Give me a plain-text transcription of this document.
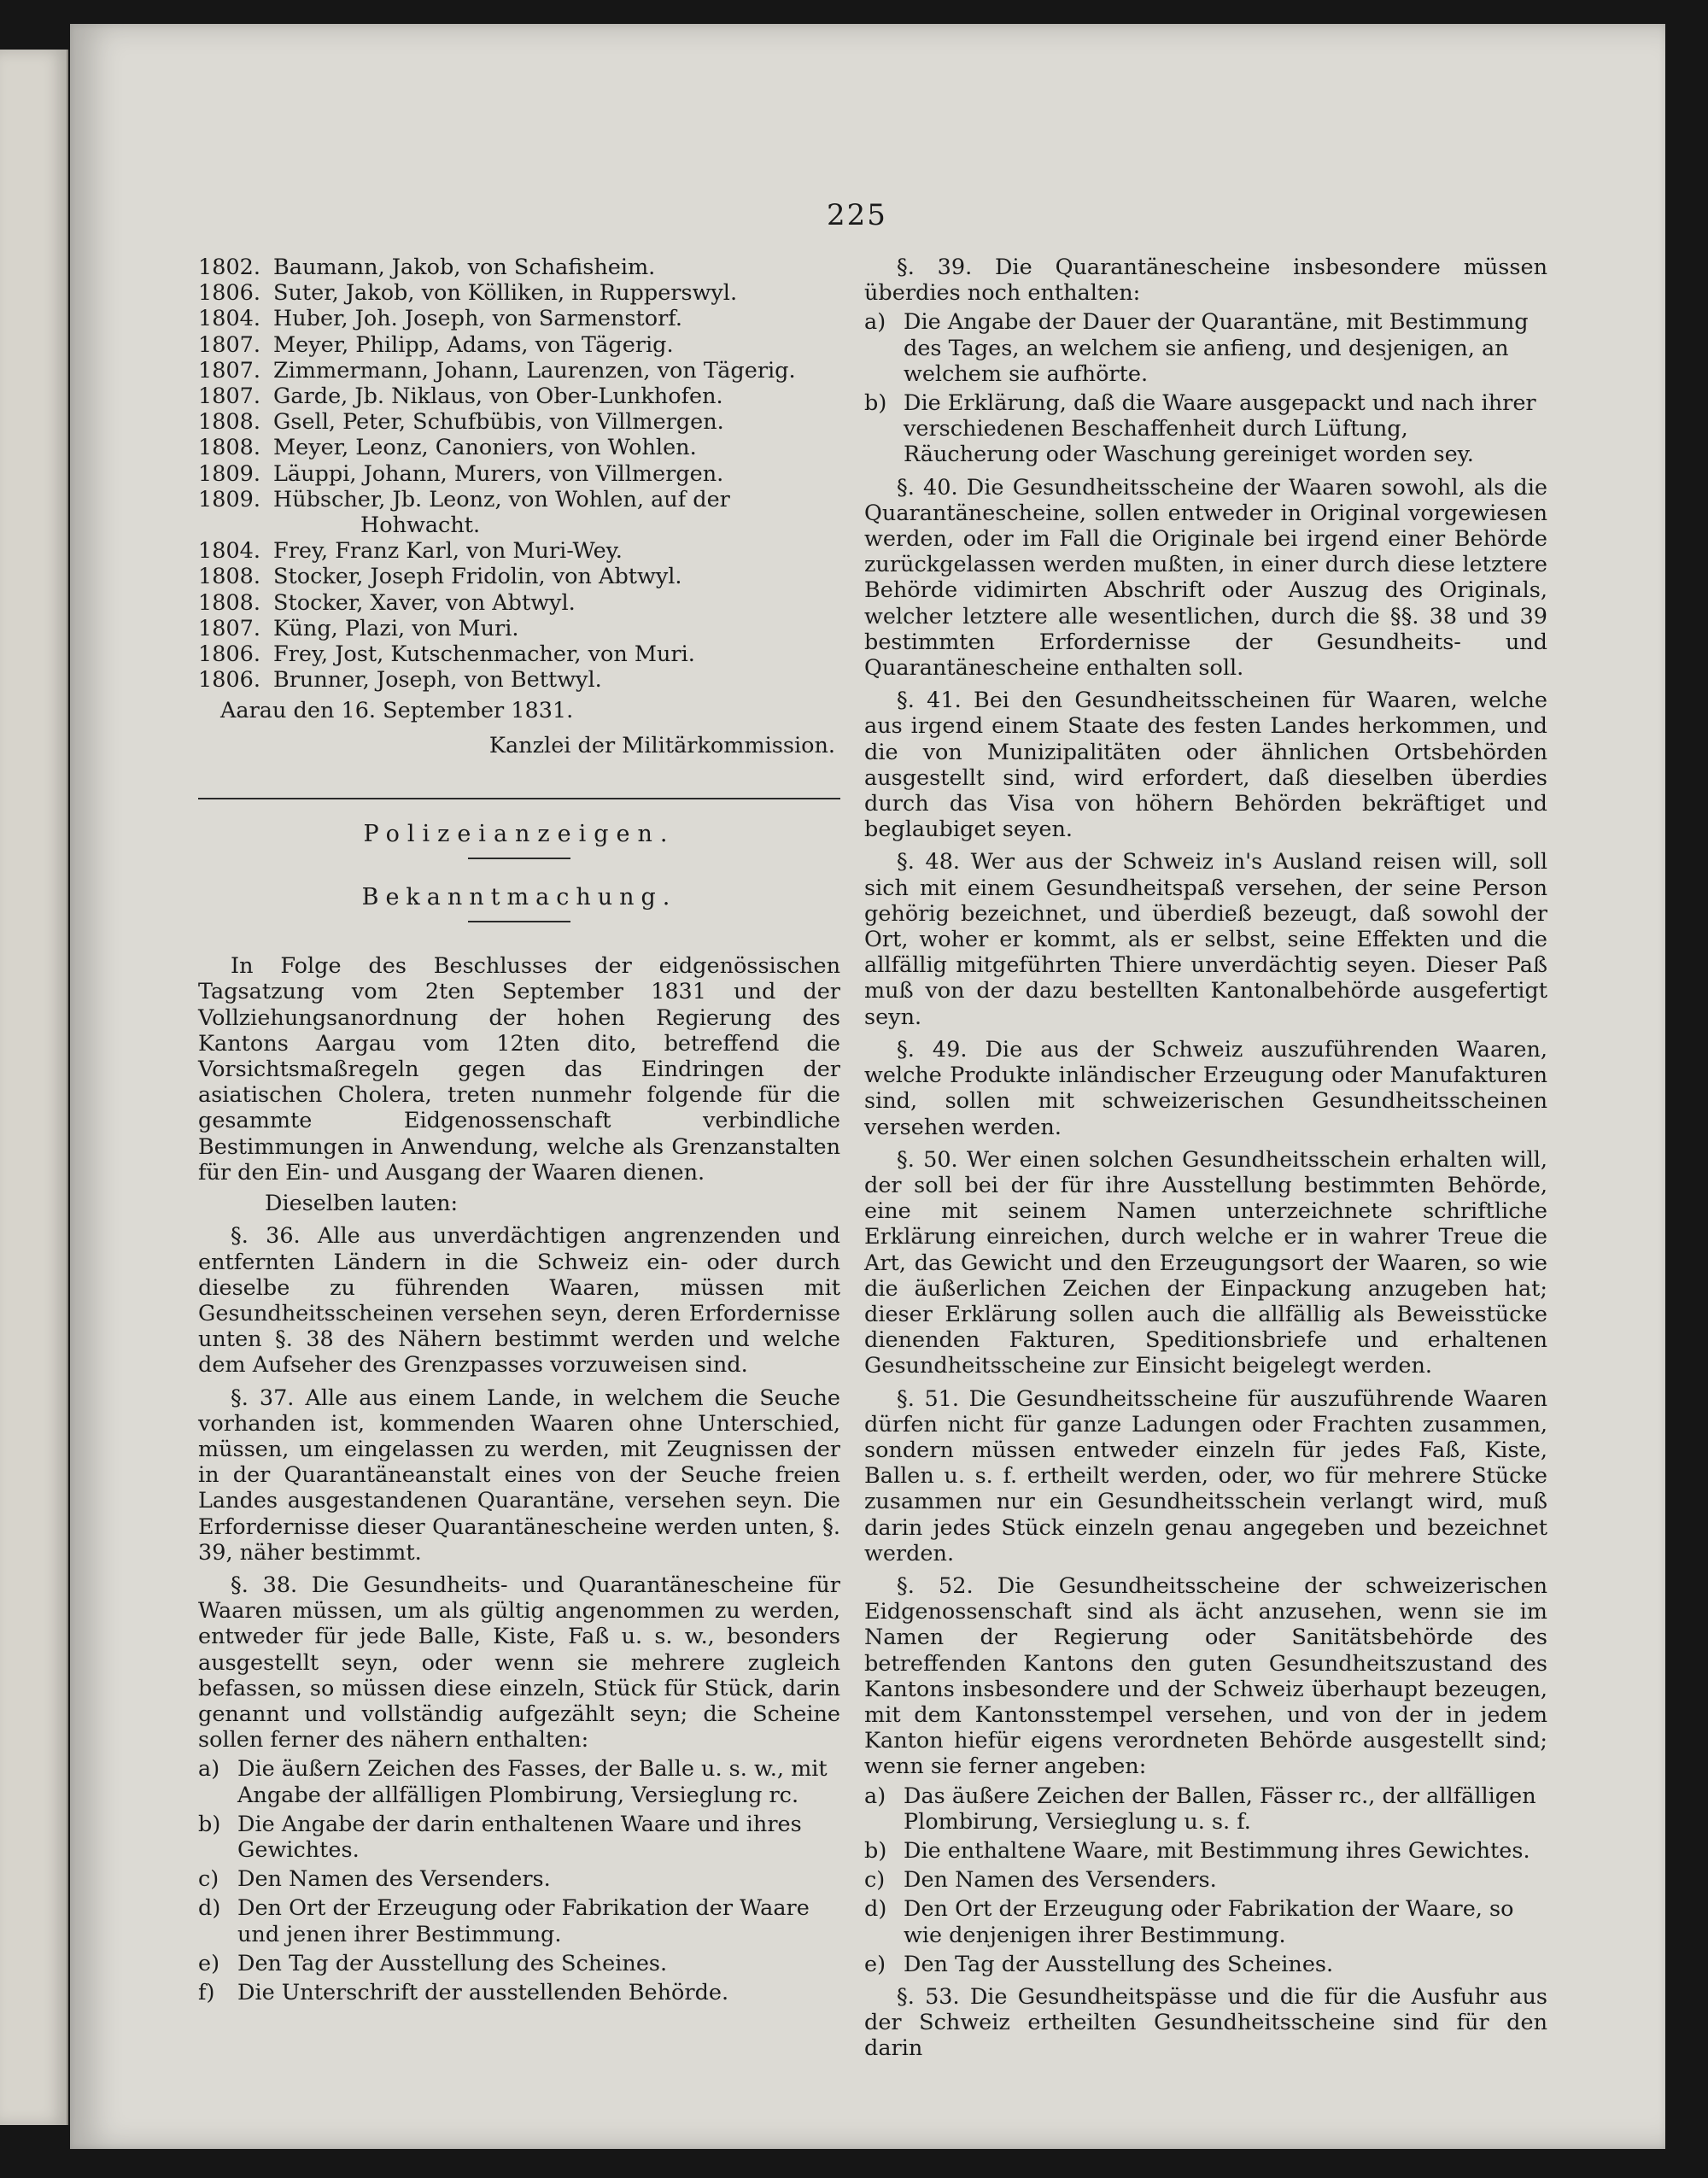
225
1802. Baumann, Jakob, von Schafisheim.
1806. Suter, Jakob, von Kölliken, in Rupperswyl.
1804. Huber, Joh. Joseph, von Sarmenstorf.
1807. Meyer, Philipp, Adams, von Tägerig.
1807. Zimmermann, Johann, Laurenzen, von Tägerig.
1807. Garde, Jb. Niklaus, von Ober-Lunkhofen.
1808. Gsell, Peter, Schufbübis, von Villmergen.
1808. Meyer, Leonz, Canoniers, von Wohlen.
1809. Läuppi, Johann, Murers, von Villmergen.
1809. Hübscher, Jb. Leonz, von Wohlen, auf der
Hohwacht.
1804. Frey, Franz Karl, von Muri-Wey.
1808. Stocker, Joseph Fridolin, von Abtwyl.
1808. Stocker, Xaver, von Abtwyl.
1807. Küng, Plazi, von Muri.
1806. Frey, Jost, Kutschenmacher, von Muri.
1806. Brunner, Joseph, von Bettwyl.
Aarau den 16. September 1831.
Kanzlei der Militärkommission.
Polizeianzeigen.
Bekanntmachung.
In Folge des Beschlusses der eidgenössischen Tagsatzung vom 2ten September 1831 und der Vollziehungsanordnung der hohen Regierung des Kantons Aargau vom 12ten dito, betreffend die Vorsichtsmaßregeln gegen das Eindringen der asiatischen Cholera, treten nunmehr folgende für die gesammte Eidgenossenschaft verbindliche Bestimmungen in Anwendung, welche als Grenzanstalten für den Ein- und Ausgang der Waaren dienen.
Dieselben lauten:
§. 36. Alle aus unverdächtigen angrenzenden und entfernten Ländern in die Schweiz ein- oder durch dieselbe zu führenden Waaren, müssen mit Gesundheitsscheinen versehen seyn, deren Erfordernisse unten §. 38 des Nähern bestimmt werden und welche dem Aufseher des Grenzpasses vorzuweisen sind.
§. 37. Alle aus einem Lande, in welchem die Seuche vorhanden ist, kommenden Waaren ohne Unterschied, müssen, um eingelassen zu werden, mit Zeugnissen der in der Quarantäneanstalt eines von der Seuche freien Landes ausgestandenen Quarantäne, versehen seyn. Die Erfordernisse dieser Quarantänescheine werden unten, §. 39, näher bestimmt.
§. 38. Die Gesundheits- und Quarantänescheine für Waaren müssen, um als gültig angenommen zu werden, entweder für jede Balle, Kiste, Faß u. s. w., besonders ausgestellt seyn, oder wenn sie mehrere zugleich befassen, so müssen diese einzeln, Stück für Stück, darin genannt und vollständig aufgezählt seyn; die Scheine sollen ferner des nähern enthalten:
a) Die äußern Zeichen des Fasses, der Balle u. s. w., mit Angabe der allfälligen Plombirung, Versieglung rc.
b) Die Angabe der darin enthaltenen Waare und ihres Gewichtes.
c) Den Namen des Versenders.
d) Den Ort der Erzeugung oder Fabrikation der Waare und jenen ihrer Bestimmung.
e) Den Tag der Ausstellung des Scheines.
f)	Die Unterschrift der ausstellenden Behörde.
§. 39. Die Quarantänescheine insbesondere müssen überdies noch enthalten:
a) Die Angabe der Dauer der Quarantäne, mit Bestimmung des Tages, an welchem sie anfieng, und desjenigen, an welchem sie aufhörte.
b) Die Erklärung, daß die Waare ausgepackt und nach ihrer verschiedenen Beschaffenheit durch Lüftung, Räucherung oder Waschung gereiniget worden sey.
§. 40. Die Gesundheitsscheine der Waaren sowohl, als die Quarantänescheine, sollen entweder in Original vorgewiesen werden, oder im Fall die Originale bei irgend einer Behörde zurückgelassen werden mußten, in einer durch diese letztere Behörde vidimirten Abschrift oder Auszug des Originals, welcher letztere alle wesentlichen, durch die §§. 38 und 39 bestimmten Erfordernisse der Gesundheits- und Quarantänescheine enthalten soll.
§. 41. Bei den Gesundheitsscheinen für Waaren, welche aus irgend einem Staate des festen Landes herkommen, und die von Munizipalitäten oder ähnlichen Ortsbehörden ausgestellt sind, wird erfordert, daß dieselben überdies durch das Visa von höhern Behörden bekräftiget und beglaubiget seyen.
§. 48. Wer aus der Schweiz in's Ausland reisen will, soll sich mit einem Gesundheitspaß versehen, der seine Person gehörig bezeichnet, und überdieß bezeugt, daß sowohl der Ort, woher er kommt, als er selbst, seine Effekten und die allfällig mitgeführten Thiere unverdächtig seyen. Dieser Paß muß von der dazu bestellten Kantonalbehörde ausgefertigt seyn.
§. 49. Die aus der Schweiz auszuführenden Waaren, welche Produkte inländischer Erzeugung oder Manufakturen sind, sollen mit schweizerischen Gesundheitsscheinen versehen werden.
§. 50. Wer einen solchen Gesundheitsschein erhalten will, der soll bei der für ihre Ausstellung bestimmten Behörde, eine mit seinem Namen unterzeichnete schriftliche Erklärung einreichen, durch welche er in wahrer Treue die Art, das Gewicht und den Erzeugungsort der Waaren, so wie die äußerlichen Zeichen der Einpackung anzugeben hat; dieser Erklärung sollen auch die allfällig als Beweisstücke dienenden Fakturen, Speditionsbriefe und erhaltenen Gesundheitsscheine zur Einsicht beigelegt werden.
§. 51. Die Gesundheitsscheine für auszuführende Waaren dürfen nicht für ganze Ladungen oder Frachten zusammen, sondern müssen entweder einzeln für jedes Faß, Kiste, Ballen u. s. f. ertheilt werden, oder, wo für mehrere Stücke zusammen nur ein Gesundheitsschein verlangt wird, muß darin jedes Stück einzeln genau angegeben und bezeichnet werden.
§. 52. Die Gesundheitsscheine der schweizerischen Eidgenossenschaft sind als ächt anzusehen, wenn sie im Namen der Regierung oder Sanitätsbehörde des betreffenden Kantons den guten Gesundheitszustand des Kantons insbesondere und der Schweiz überhaupt bezeugen, mit dem Kantonsstempel versehen, und von der in jedem Kanton hiefür eigens verordneten Behörde ausgestellt sind; wenn sie ferner angeben:
a) Das äußere Zeichen der Ballen, Fässer rc., der allfälligen Plombirung, Versieglung u. s. f.
b) Die enthaltene Waare, mit Bestimmung ihres Gewichtes.
c) Den Namen des Versenders.
d) Den Ort der Erzeugung oder Fabrikation der Waare, so wie denjenigen ihrer Bestimmung.
e) Den Tag der Ausstellung des Scheines.
§. 53. Die Gesundheitspässe und die für die Ausfuhr aus der Schweiz ertheilten Gesundheitsscheine sind für den darin
